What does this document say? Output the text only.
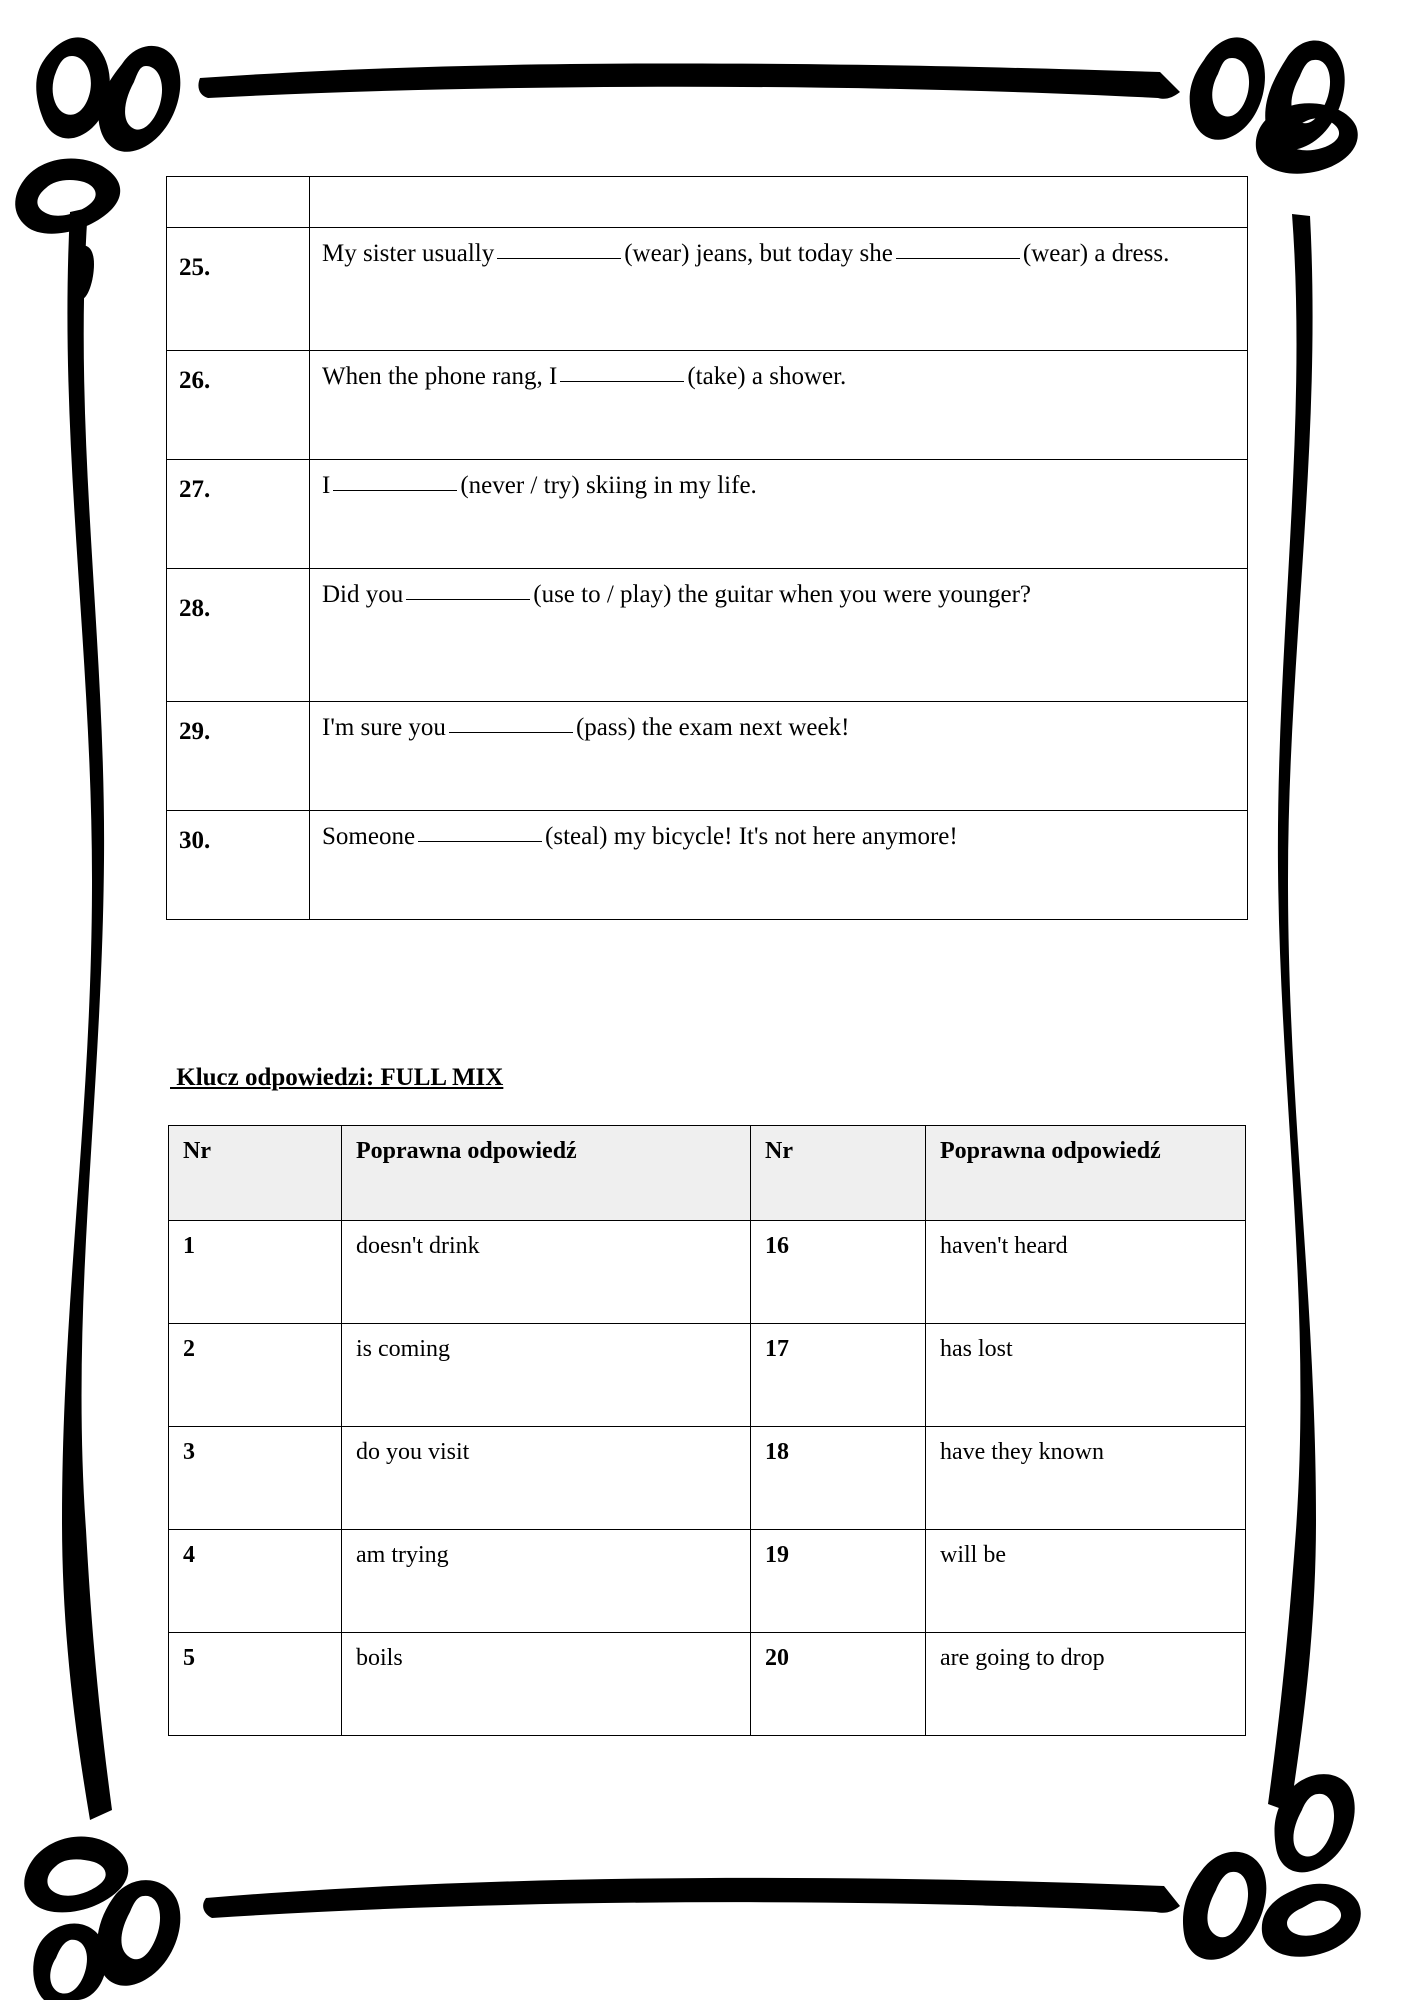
25.	My sister usually (wear) jeans, but today she (wear) a dress.

26.	When the phone rang, I (take) a shower.

27.	I (never / try) skiing in my life.

28.	Did you (use to / play) the guitar when you were younger?

29.	I'm sure you (pass) the exam next week!

30.	Someone (steal) my bicycle! It's not here anymore!
Klucz odpowiedzi: FULL MIX
Nr	Poprawna odpowiedź	Nr	Poprawna odpowiedź
1	doesn't drink	16	haven't heard
2	is coming	17	has lost
3	do you visit	18	have they known
4	am trying	19	will be
5	boils	20	are going to drop
